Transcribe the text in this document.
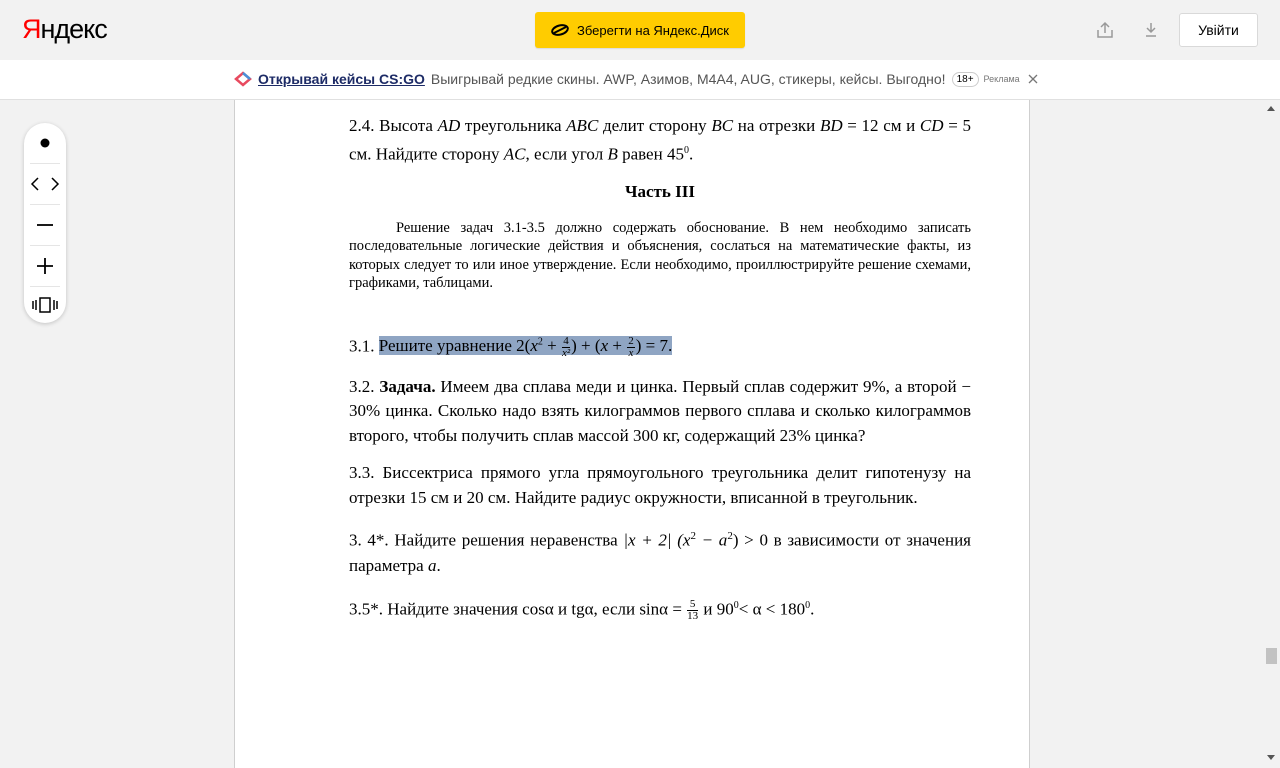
Яндекс	Зберегти на Яндекс.Диск	Увійти
Открывай кейсы CS:GO Выигрывай редкие скины. AWP, Азимов, M4A4, AUG, стикеры, кейсы. Выгодно!	18+	Реклама

2.4. Высота AD треугольника ABC делит сторону BC на отрезки BD = 12 см и CD = 5 см. Найдите сторону AC, если угол B равен $45^0$.

Часть III

Решение задач 3.1-3.5 должно содержать обоснование. В нем необходимо записать последовательные логические действия и объяснения, сослаться на математические факты, из которых следует то или иное утверждение. Если необходимо, проиллюстрируйте решение схемами, графиками, таблицами.

3.1. Решите уравнение $2(x^2 + \frac{4}{\text{x²}}$ ) + ($x + \frac{2}{x}$ ) = 7.

3.2. Задача. Имеем два сплава меди и цинка. Первый сплав содержит 9%, а второй − 30% цинка. Сколько надо взять килограммов первого сплава и сколько килограммов второго, чтобы получить сплав массой 300 кг, содержащий 23% цинка?

3.3. Биссектриса прямого угла прямоугольного треугольника делит гипотенузу на отрезки 15 см и 20 см. Найдите радиус окружности, вписанной в треугольник.

3. 4*. Найдите решения неравенства |x + 2| $(x^2 - a^2) > 0$ в зависимости от значения параметра a.

3.5*. Найдите значения cosα и tgα, если $\sin\alpha = \frac{5}{13}$ и $90^0< \alpha < 180^0$.
